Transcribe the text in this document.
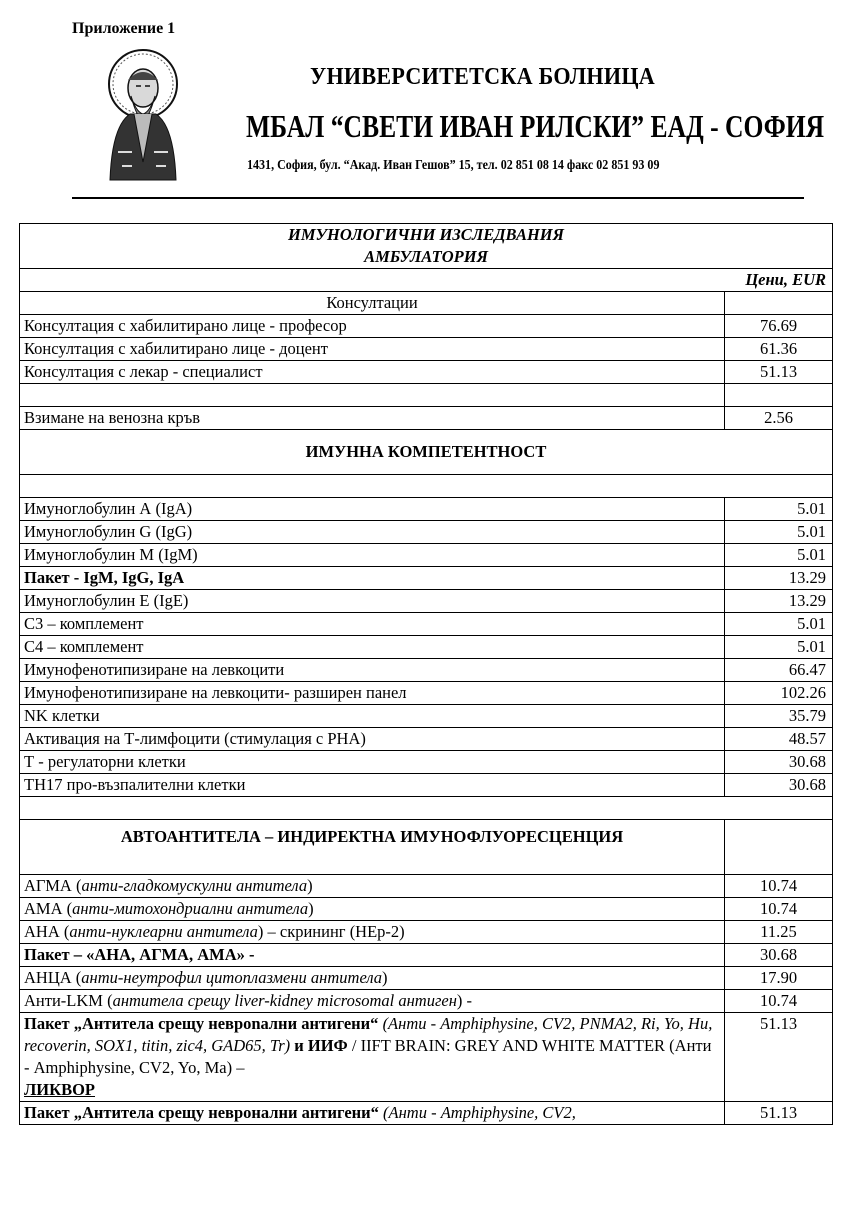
Приложение 1
УНИВЕРСИТЕТСКА БОЛНИЦА
МБАЛ “СВЕТИ ИВАН РИЛСКИ” ЕАД - СОФИЯ
1431, София, бул. “Акад. Иван Гешов” 15, тел. 02 851 08 14 факс 02 851 93 09
ИМУНОЛОГИЧНИ ИЗСЛЕДВАНИЯ
АМБУЛАТОРИЯ	

Цени, EUR	
Консултации	
Консултация с хабилитирано лице - професор	76.69
Консултация с хабилитирано лице - доцент	61.36
Консултация с лекар - специалист	51.13

Взимане на венозна кръв	2.56
ИМУННА КОМПЕТЕНТНОСТ	

Имуноглобулин А (IgA)	5.01
Имуноглобулин G (IgG)	5.01
Имуноглобулин М (IgM)	5.01
Пакет - IgM, IgG, IgA	13.29
Имуноглобулин Е (IgE)	13.29
С3 – комплемент	5.01
С4 – комплемент	5.01
Имунофенотипизиране на левкоцити	66.47
Имунофенотипизиране на левкоцити- разширен панел	102.26
NK клетки	35.79
Активация на Т-лимфоцити (стимулация с PHA)	48.57
Т - регулаторни клетки	30.68
ТН17 про-възпалителни клетки	30.68

АВТОАНТИТЕЛА – ИНДИРЕКТНА ИМУНОФЛУОРЕСЦЕНЦИЯ	
АГМА (анти-гладкомускулни антитела)	10.74
АМА (анти-митохондриални антитела)	10.74
АНА (анти-нуклеарни антитела) – скрининг (НЕр-2)	11.25
Пакет – «АНА, АГМА, АМА» -	30.68
АНЦА (анти-неутрофил цитоплазмени антитела)	17.90
Анти-LKM (антитела срещу liver-kidney microsomal антиген) -	10.74
Пакет „Антитела срещу неврonaлни антигени“ (Анти - Amphiphysine, CV2, PNMA2, Ri, Yo, Hu, recoverin, SOX1, titin, zic4, GAD65, Tr) и ИИФ / IIFT BRAIN: GREY AND WHITE MATTER (Анти - Amphiphysine, CV2, Yo, Ma) –
ЛИКВОР	51.13
Пакет „Антитела срещу невронални антигени“ (Анти - Amphiphysine, CV2,	51.13
